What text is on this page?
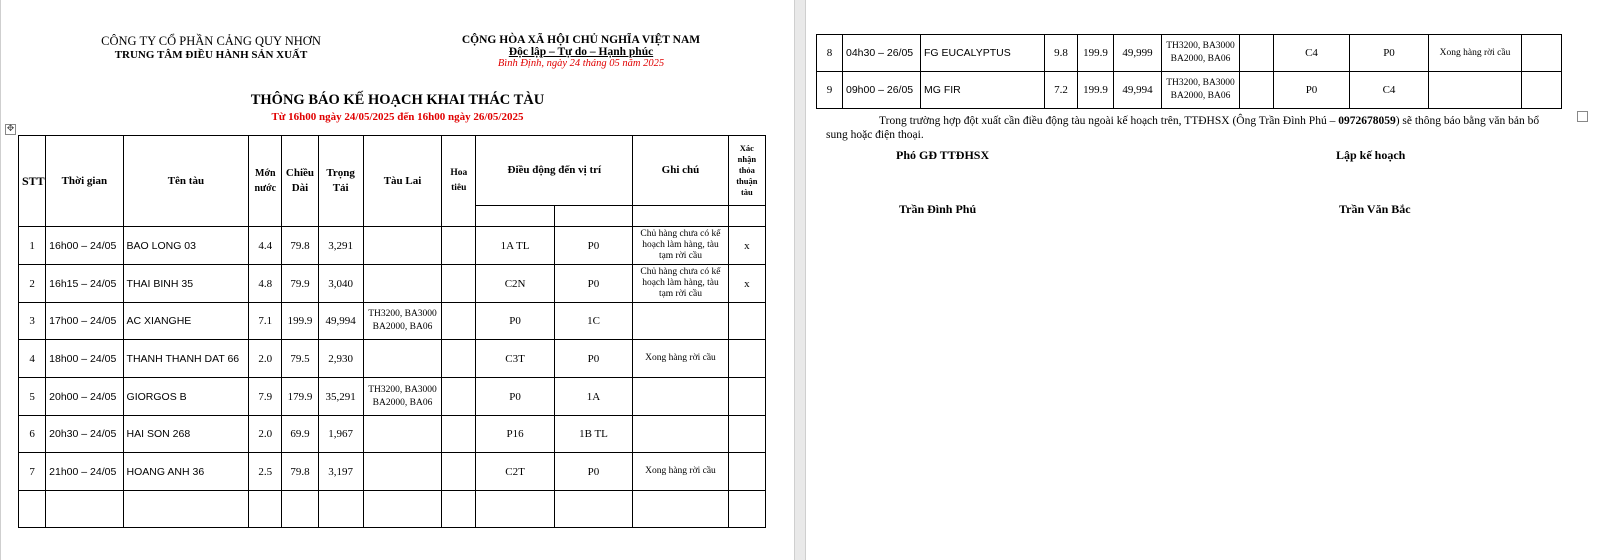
CÔNG TY CỔ PHẦN CẢNG QUY NHƠN
TRUNG TÂM ĐIỀU HÀNH SẢN XUẤT
CỘNG HÒA XÃ HỘI CHỦ NGHĨA VIỆT NAM
Độc lập – Tự do – Hạnh phúc
Bình Định, ngày 24 tháng 05 năm 2025
THÔNG BÁO KẾ HOẠCH KHAI THÁC TÀU
Từ 16h00 ngày 24/05/2025 đến 16h00 ngày 26/05/2025
✥
STT	Thời gian	Tên tàu	Mớn nước	Chiều Dài	Trọng Tải	Tàu Lai	Hoa tiêu	Điều động đến vị trí		Ghi chú	Xác nhận thỏa thuận tàu

1	16h00 – 24/05	BAO LONG 03	4.4	79.8	3,291			1A TL	P0	Chủ hàng chưa có kế hoạch làm hàng, tàu tạm rời cầu	x
2	16h15 – 24/05	THAI BINH 35	4.8	79.9	3,040			C2N	P0	Chủ hàng chưa có kế hoạch làm hàng, tàu tạm rời cầu	x
3	17h00 – 24/05	AC XIANGHE	7.1	199.9	49,994	TH3200, BA3000 BA2000, BA06		P0	1C		
4	18h00 – 24/05	THANH THANH DAT 66	2.0	79.5	2,930			C3T	P0	Xong hàng rời cầu	
5	20h00 – 24/05	GIORGOS B	7.9	179.9	35,291	TH3200, BA3000 BA2000, BA06		P0	1A		
6	20h30 – 24/05	HAI SON 268	2.0	69.9	1,967			P16	1B TL		
7	21h00 – 24/05	HOANG ANH 36	2.5	79.8	3,197			C2T	P0	Xong hàng rời cầu	

8	04h30 – 26/05	FG EUCALYPTUS	9.8	199.9	49,999	TH3200, BA3000 BA2000, BA06		C4	P0	Xong hàng rời cầu	
9	09h00 – 26/05	MG FIR	7.2	199.9	49,994	TH3200, BA3000 BA2000, BA06		P0	C4		
Trong trường hợp đột xuất cần điều động tàu ngoài kế hoạch trên, TTĐHSX (Ông Trần Đình Phú – 0972678059) sẽ thông báo bằng văn bản bổ sung hoặc điện thoại.
Phó GĐ TTĐHSX	Lập kế hoạch
Trần Đình Phú	Trần Văn Bắc
